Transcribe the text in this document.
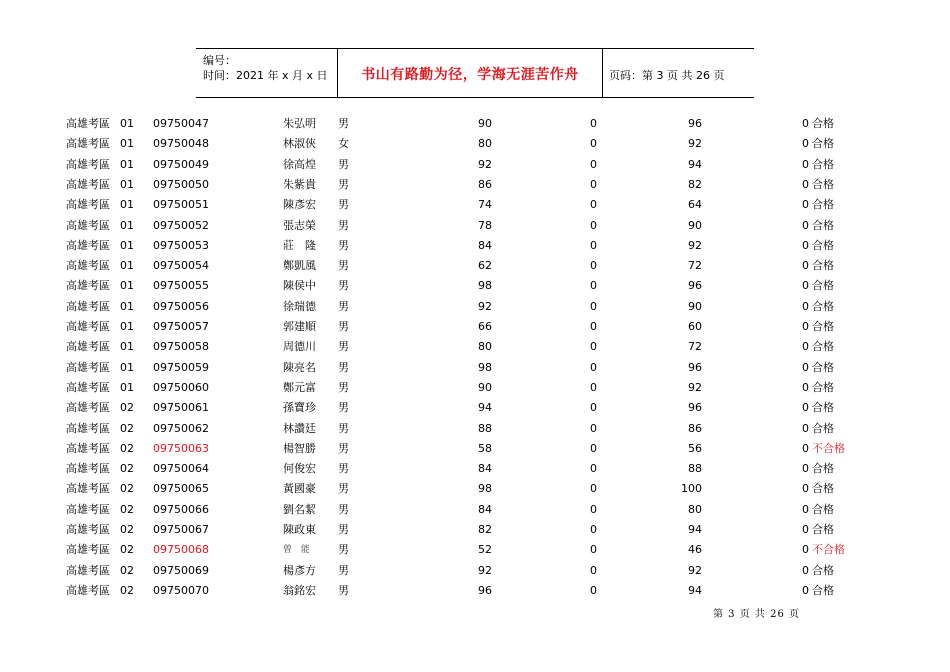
编号：
时间：2021 年 x 月 x 日	书山有路勤为径，学海无涯苦作舟	页码：第 3 页 共 26 页
高雄考區 01 09750047	朱弘明 男	90	0	96	0 合格
高雄考區 01 09750048	林淑俠 女	80	0	92	0 合格
高雄考區 01 09750049	徐高煌 男	92	0	94	0 合格
高雄考區 01 09750050	朱紫貴 男	86	0	82	0 合格
高雄考區 01 09750051	陳彥宏 男	74	0	64	0 合格
高雄考區 01 09750052	張志榮 男	78	0	90	0 合格
高雄考區 01 09750053	莊　隆 男	84	0	92	0 合格
高雄考區 01 09750054	鄭凱風 男	62	0	72	0 合格
高雄考區 01 09750055	陳侯中 男	98	0	96	0 合格
高雄考區 01 09750056	徐瑞德 男	92	0	90	0 合格
高雄考區 01 09750057	郭建順 男	66	0	60	0 合格
高雄考區 01 09750058	周德川 男	80	0	72	0 合格
高雄考區 01 09750059	陳亮名 男	98	0	96	0 合格
高雄考區 01 09750060	鄭元富 男	90	0	92	0 合格
高雄考區 02 09750061	孫寶珍 男	94	0	96	0 合格
高雄考區 02 09750062	林讚廷 男	88	0	86	0 合格
高雄考區 02 09750063	楊智勝 男	58	0	56	0 不合格
高雄考區 02 09750064	何俊宏 男	84	0	88	0 合格
高雄考區 02 09750065	黃國豪 男	98	0	100	0 合格
高雄考區 02 09750066	劉名絜 男	84	0	80	0 合格
高雄考區 02 09750067	陳政東 男	82	0	94	0 合格
高雄考區 02 09750068	曾 能 男	52	0	46	0 不合格
高雄考區 02 09750069	楊彥方 男	92	0	92	0 合格
高雄考區 02 09750070	翁銘宏 男	96	0	94	0 合格
第 3 页 共 26 页
